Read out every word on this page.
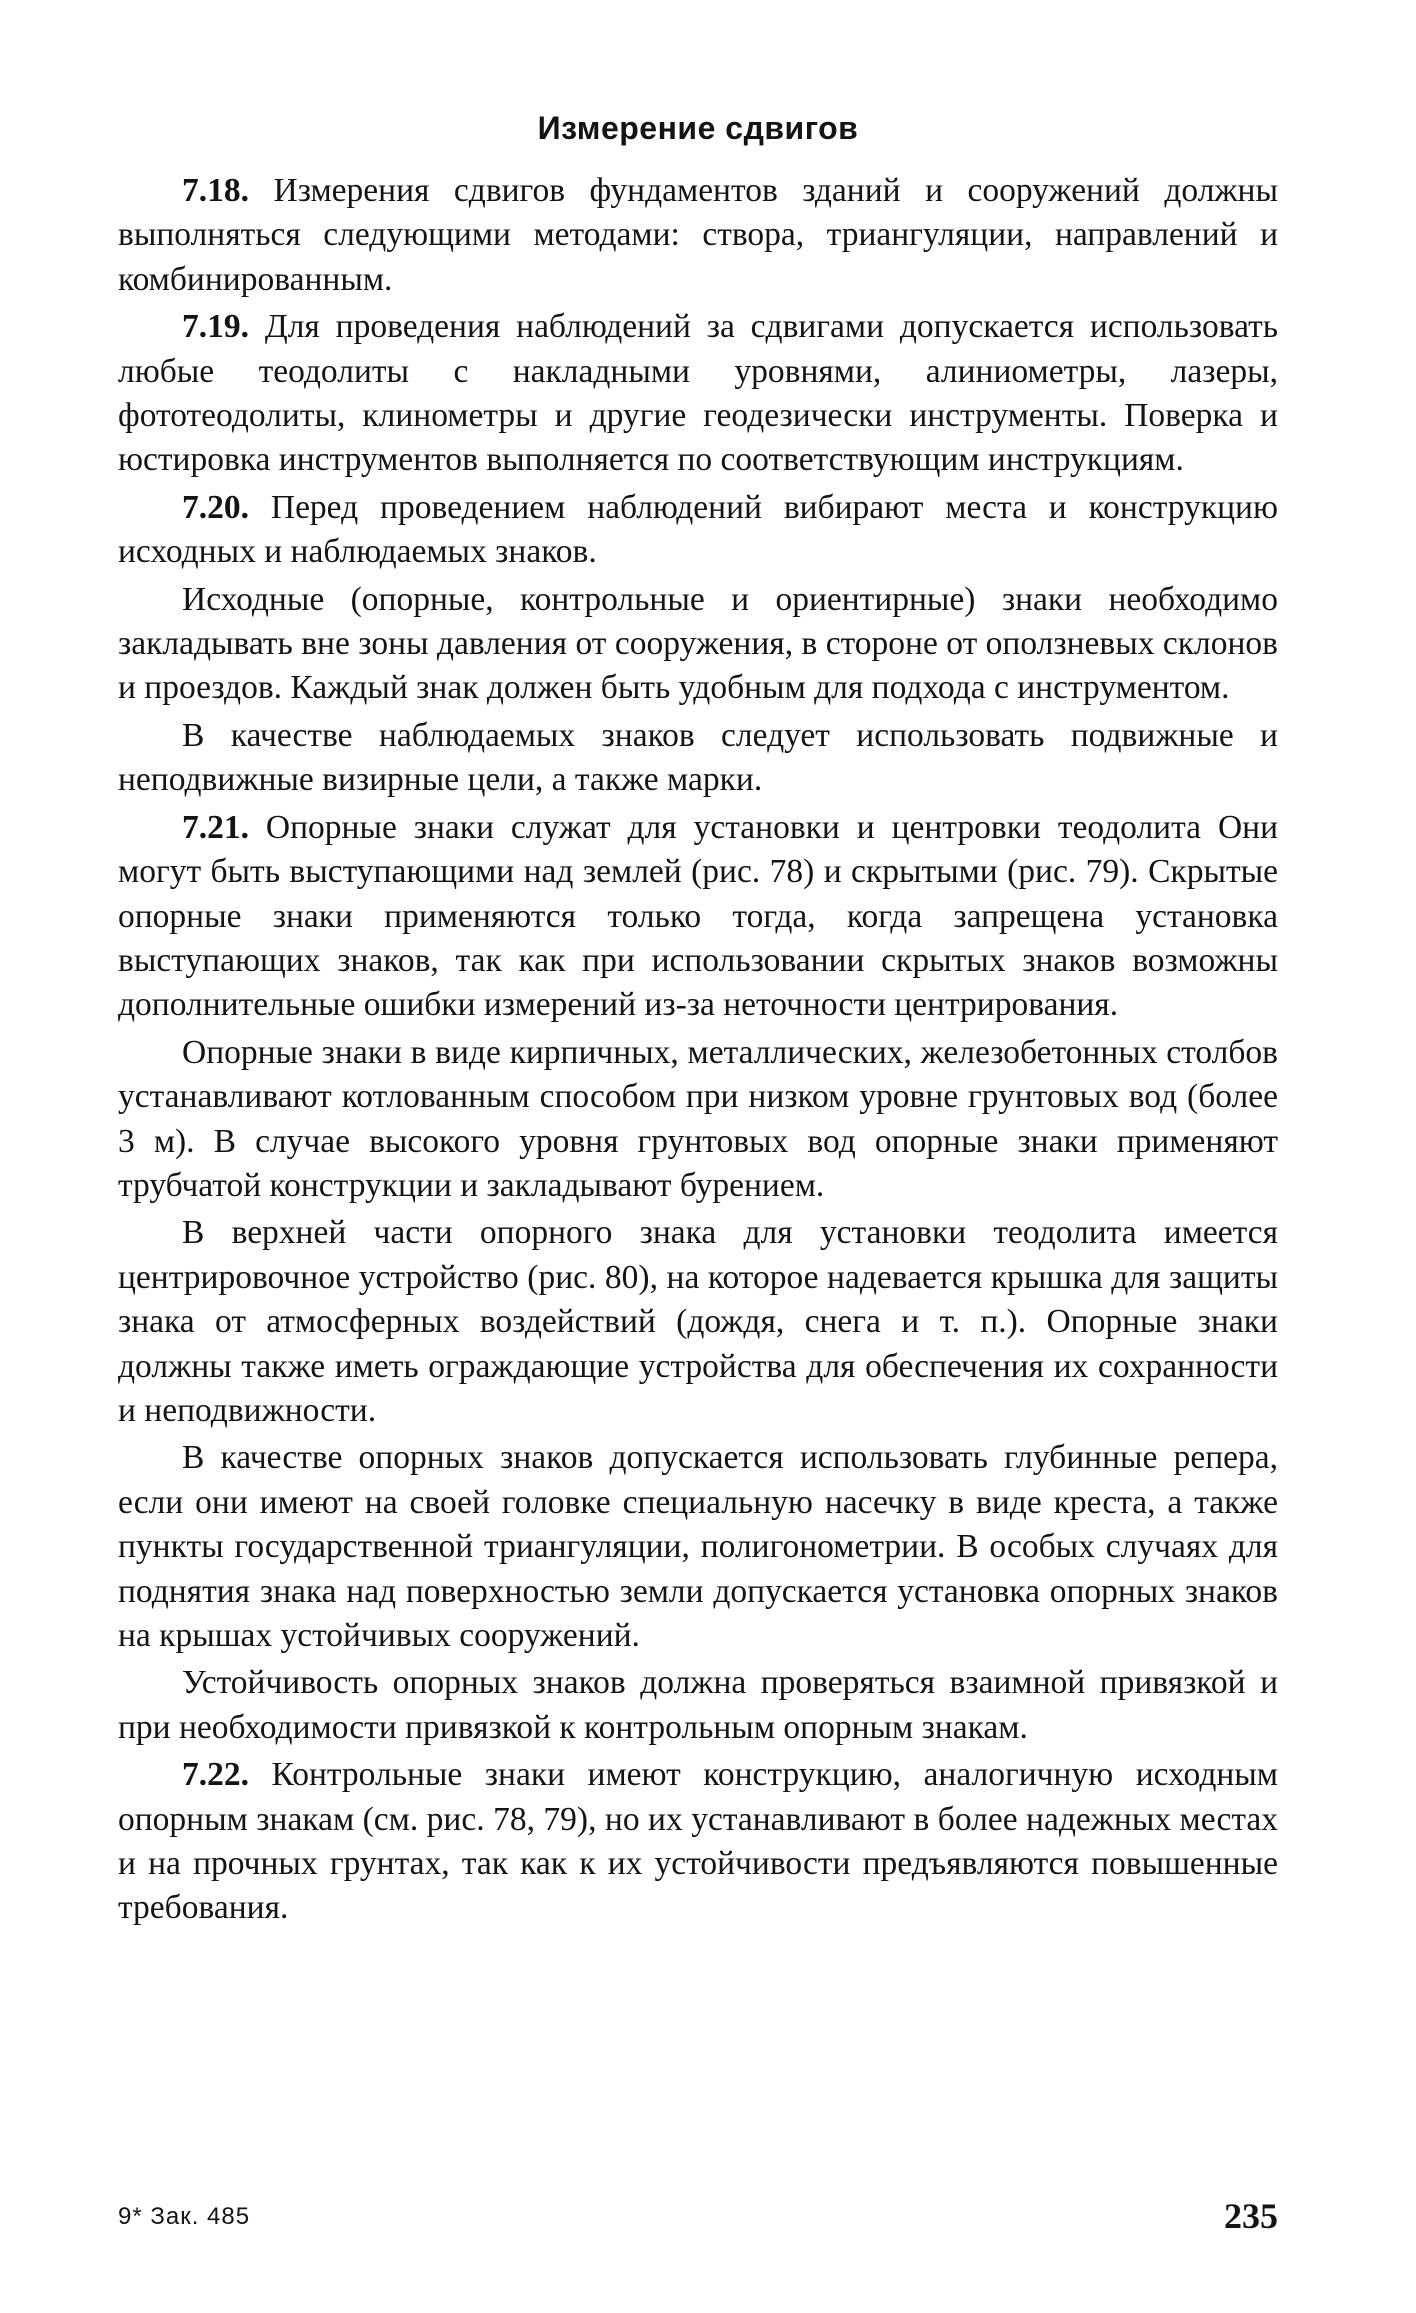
Измерение сдвигов

7.18. Измерения сдвигов фундаментов зданий и сооружений должны выполняться следующими методами: створа, триангуляции, направлений и комбинированным.

7.19. Для проведения наблюдений за сдвигами допускается использовать любые теодолиты с накладными уровнями, алиниометры, лазеры, фототеодолиты, клинометры и другие геодезически инструменты. Поверка и юстировка инструментов выполняется по соответствующим инструкциям.

7.20. Перед проведением наблюдений вибирают места и конструкцию исходных и наблюдаемых знаков.

Исходные (опорные, контрольные и ориентирные) знаки необходимо закладывать вне зоны давления от сооружения, в стороне от оползневых склонов и проездов. Каждый знак должен быть удобным для подхода с инструментом.

В качестве наблюдаемых знаков следует использовать подвижные и неподвижные визирные цели, а также марки.

7.21. Опорные знаки служат для установки и центровки теодолита Они могут быть выступающими над землей (рис. 78) и скрытыми (рис. 79). Скрытые опорные знаки применяются только тогда, когда запрещена установка выступающих знаков, так как при использовании скрытых знаков возможны дополнительные ошибки измерений из-за неточности центрирования.

Опорные знаки в виде кирпичных, металлических, железобетонных столбов устанавливают котлованным способом при низком уровне грунтовых вод (более 3 м). В случае высокого уровня грунтовых вод опорные знаки применяют трубчатой конструкции и закладывают бурением.

В верхней части опорного знака для установки теодолита имеется центрировочное устройство (рис. 80), на которое надевается крышка для защиты знака от атмосферных воздействий (дождя, снега и т. п.). Опорные знаки должны также иметь ограждающие устройства для обеспечения их сохранности и неподвижности.

В качестве опорных знаков допускается использовать глубинные репера, если они имеют на своей головке специальную насечку в виде креста, а также пункты государственной триангуляции, полигонометрии. В особых случаях для поднятия знака над поверхностью земли допускается установка опорных знаков на крышах устойчивых сооружений.

Устойчивость опорных знаков должна проверяться взаимной привязкой и при необходимости привязкой к контрольным опорным знакам.

7.22. Контрольные знаки имеют конструкцию, аналогичную исходным опорным знакам (см. рис. 78, 79), но их устанавливают в более надежных местах и на прочных грунтах, так как к их устойчивости предъявляются повышенные требования.

9* Зак. 485	235
